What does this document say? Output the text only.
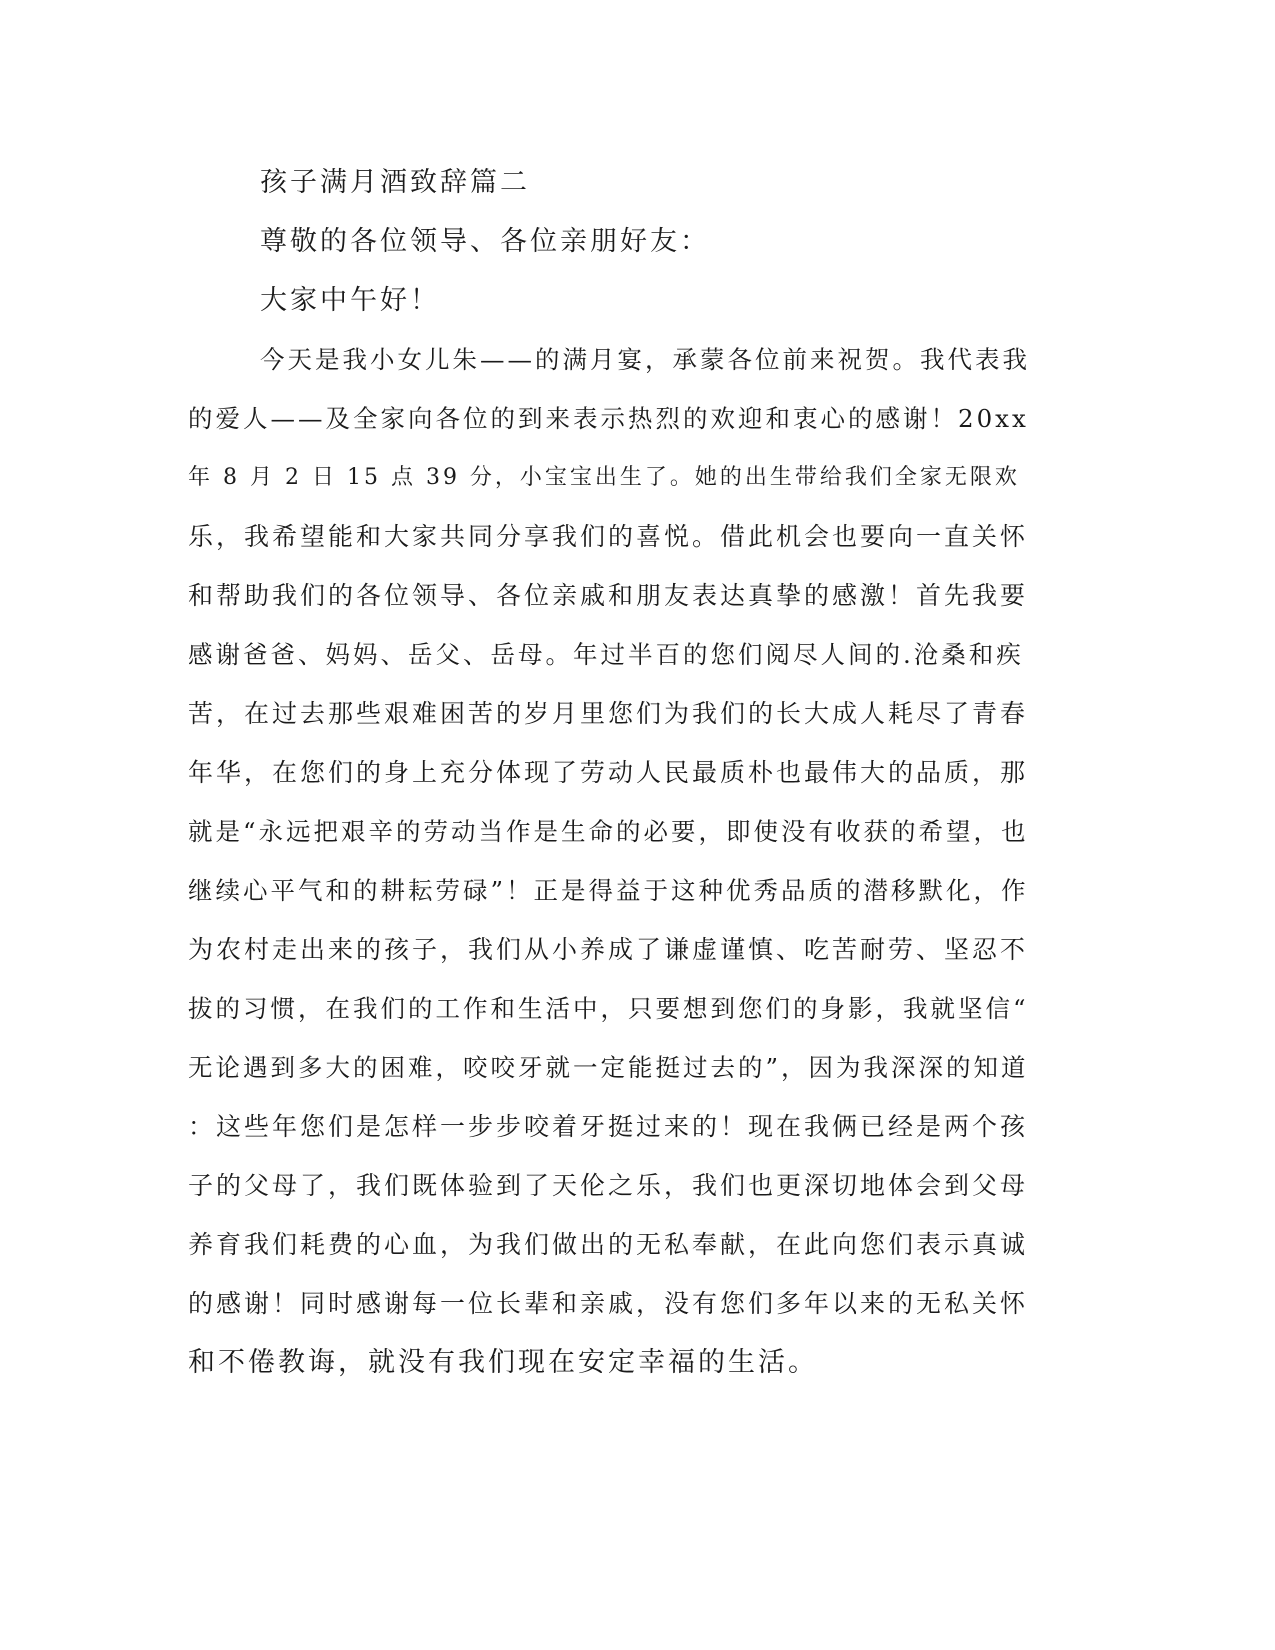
孩子满月酒致辞篇二
尊敬的各位领导、各位亲朋好友：
大家中午好！
今天是我小女儿朱——的满月宴，承蒙各位前来祝贺。我代表我
的爱人——及全家向各位的到来表示热烈的欢迎和衷心的感谢！20xx
年 8 月 2 日 15 点 39 分，小宝宝出生了。她的出生带给我们全家无限欢
乐，我希望能和大家共同分享我们的喜悦。借此机会也要向一直关怀
和帮助我们的各位领导、各位亲戚和朋友表达真挚的感激！首先我要
感谢爸爸、妈妈、岳父、岳母。年过半百的您们阅尽人间的.沧桑和疾
苦，在过去那些艰难困苦的岁月里您们为我们的长大成人耗尽了青春
年华，在您们的身上充分体现了劳动人民最质朴也最伟大的品质，那
就是“永远把艰辛的劳动当作是生命的必要，即使没有收获的希望，也
继续心平气和的耕耘劳碌”！正是得益于这种优秀品质的潜移默化，作
为农村走出来的孩子，我们从小养成了谦虚谨慎、吃苦耐劳、坚忍不
拔的习惯，在我们的工作和生活中，只要想到您们的身影，我就坚信“
无论遇到多大的困难，咬咬牙就一定能挺过去的”，因为我深深的知道
：这些年您们是怎样一步步咬着牙挺过来的！现在我俩已经是两个孩
子的父母了，我们既体验到了天伦之乐，我们也更深切地体会到父母
养育我们耗费的心血，为我们做出的无私奉献，在此向您们表示真诚
的感谢！同时感谢每一位长辈和亲戚，没有您们多年以来的无私关怀
和不倦教诲，就没有我们现在安定幸福的生活。
